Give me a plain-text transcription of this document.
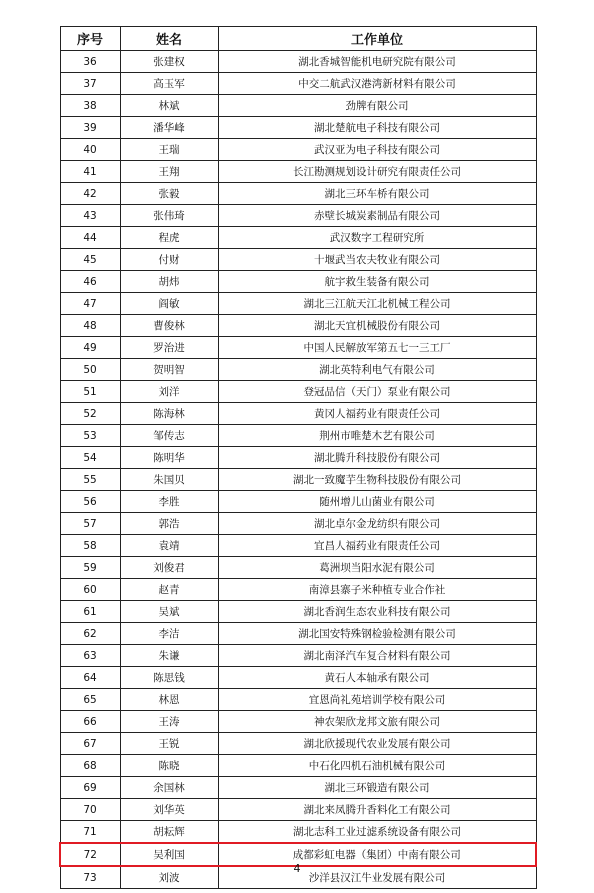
序号	姓名	工作单位
36	张建权	湖北香城智能机电研究院有限公司
37	高玉军	中交二航武汉港湾新材料有限公司
38	林斌	劲牌有限公司
39	潘华峰	湖北楚航电子科技有限公司
40	王瑞	武汉亚为电子科技有限公司
41	王翔	长江勘测规划设计研究有限责任公司
42	张毅	湖北三环车桥有限公司
43	张伟琦	赤壁长城炭素制品有限公司
44	程虎	武汉数字工程研究所
45	付财	十堰武当农夫牧业有限公司
46	胡炜	航宇救生装备有限公司
47	阎敏	湖北三江航天江北机械工程公司
48	曹俊林	湖北天宜机械股份有限公司
49	罗治进	中国人民解放军第五七一三工厂
50	贺明智	湖北英特利电气有限公司
51	刘洋	登冠品信（天门）泵业有限公司
52	陈海林	黄冈人福药业有限责任公司
53	邹传志	荆州市唯楚木艺有限公司
54	陈明华	湖北腾升科技股份有限公司
55	朱国贝	湖北一致魔芋生物科技股份有限公司
56	李胜	随州增儿山菌业有限公司
57	郭浩	湖北卓尔金龙纺织有限公司
58	袁靖	宜昌人福药业有限责任公司
59	刘俊君	葛洲坝当阳水泥有限公司
60	赵青	南漳县寨子米种植专业合作社
61	吴斌	湖北香润生态农业科技有限公司
62	李洁	湖北国安特殊钢检验检测有限公司
63	朱谦	湖北南泽汽车复合材料有限公司
64	陈思钱	黄石人本轴承有限公司
65	林恩	宜恩尚礼苑培训学校有限公司
66	王涛	神农架欣龙邦文旅有限公司
67	王锐	湖北欣援现代农业发展有限公司
68	陈晓	中石化四机石油机械有限公司
69	余国林	湖北三环锻造有限公司
70	刘华英	湖北来凤腾升香料化工有限公司
71	胡耘辉	湖北志科工业过滤系统设备有限公司
72	吴利国	成都彩虹电器（集团）中南有限公司
73	刘波	沙洋县汉江牛业发展有限公司
4
